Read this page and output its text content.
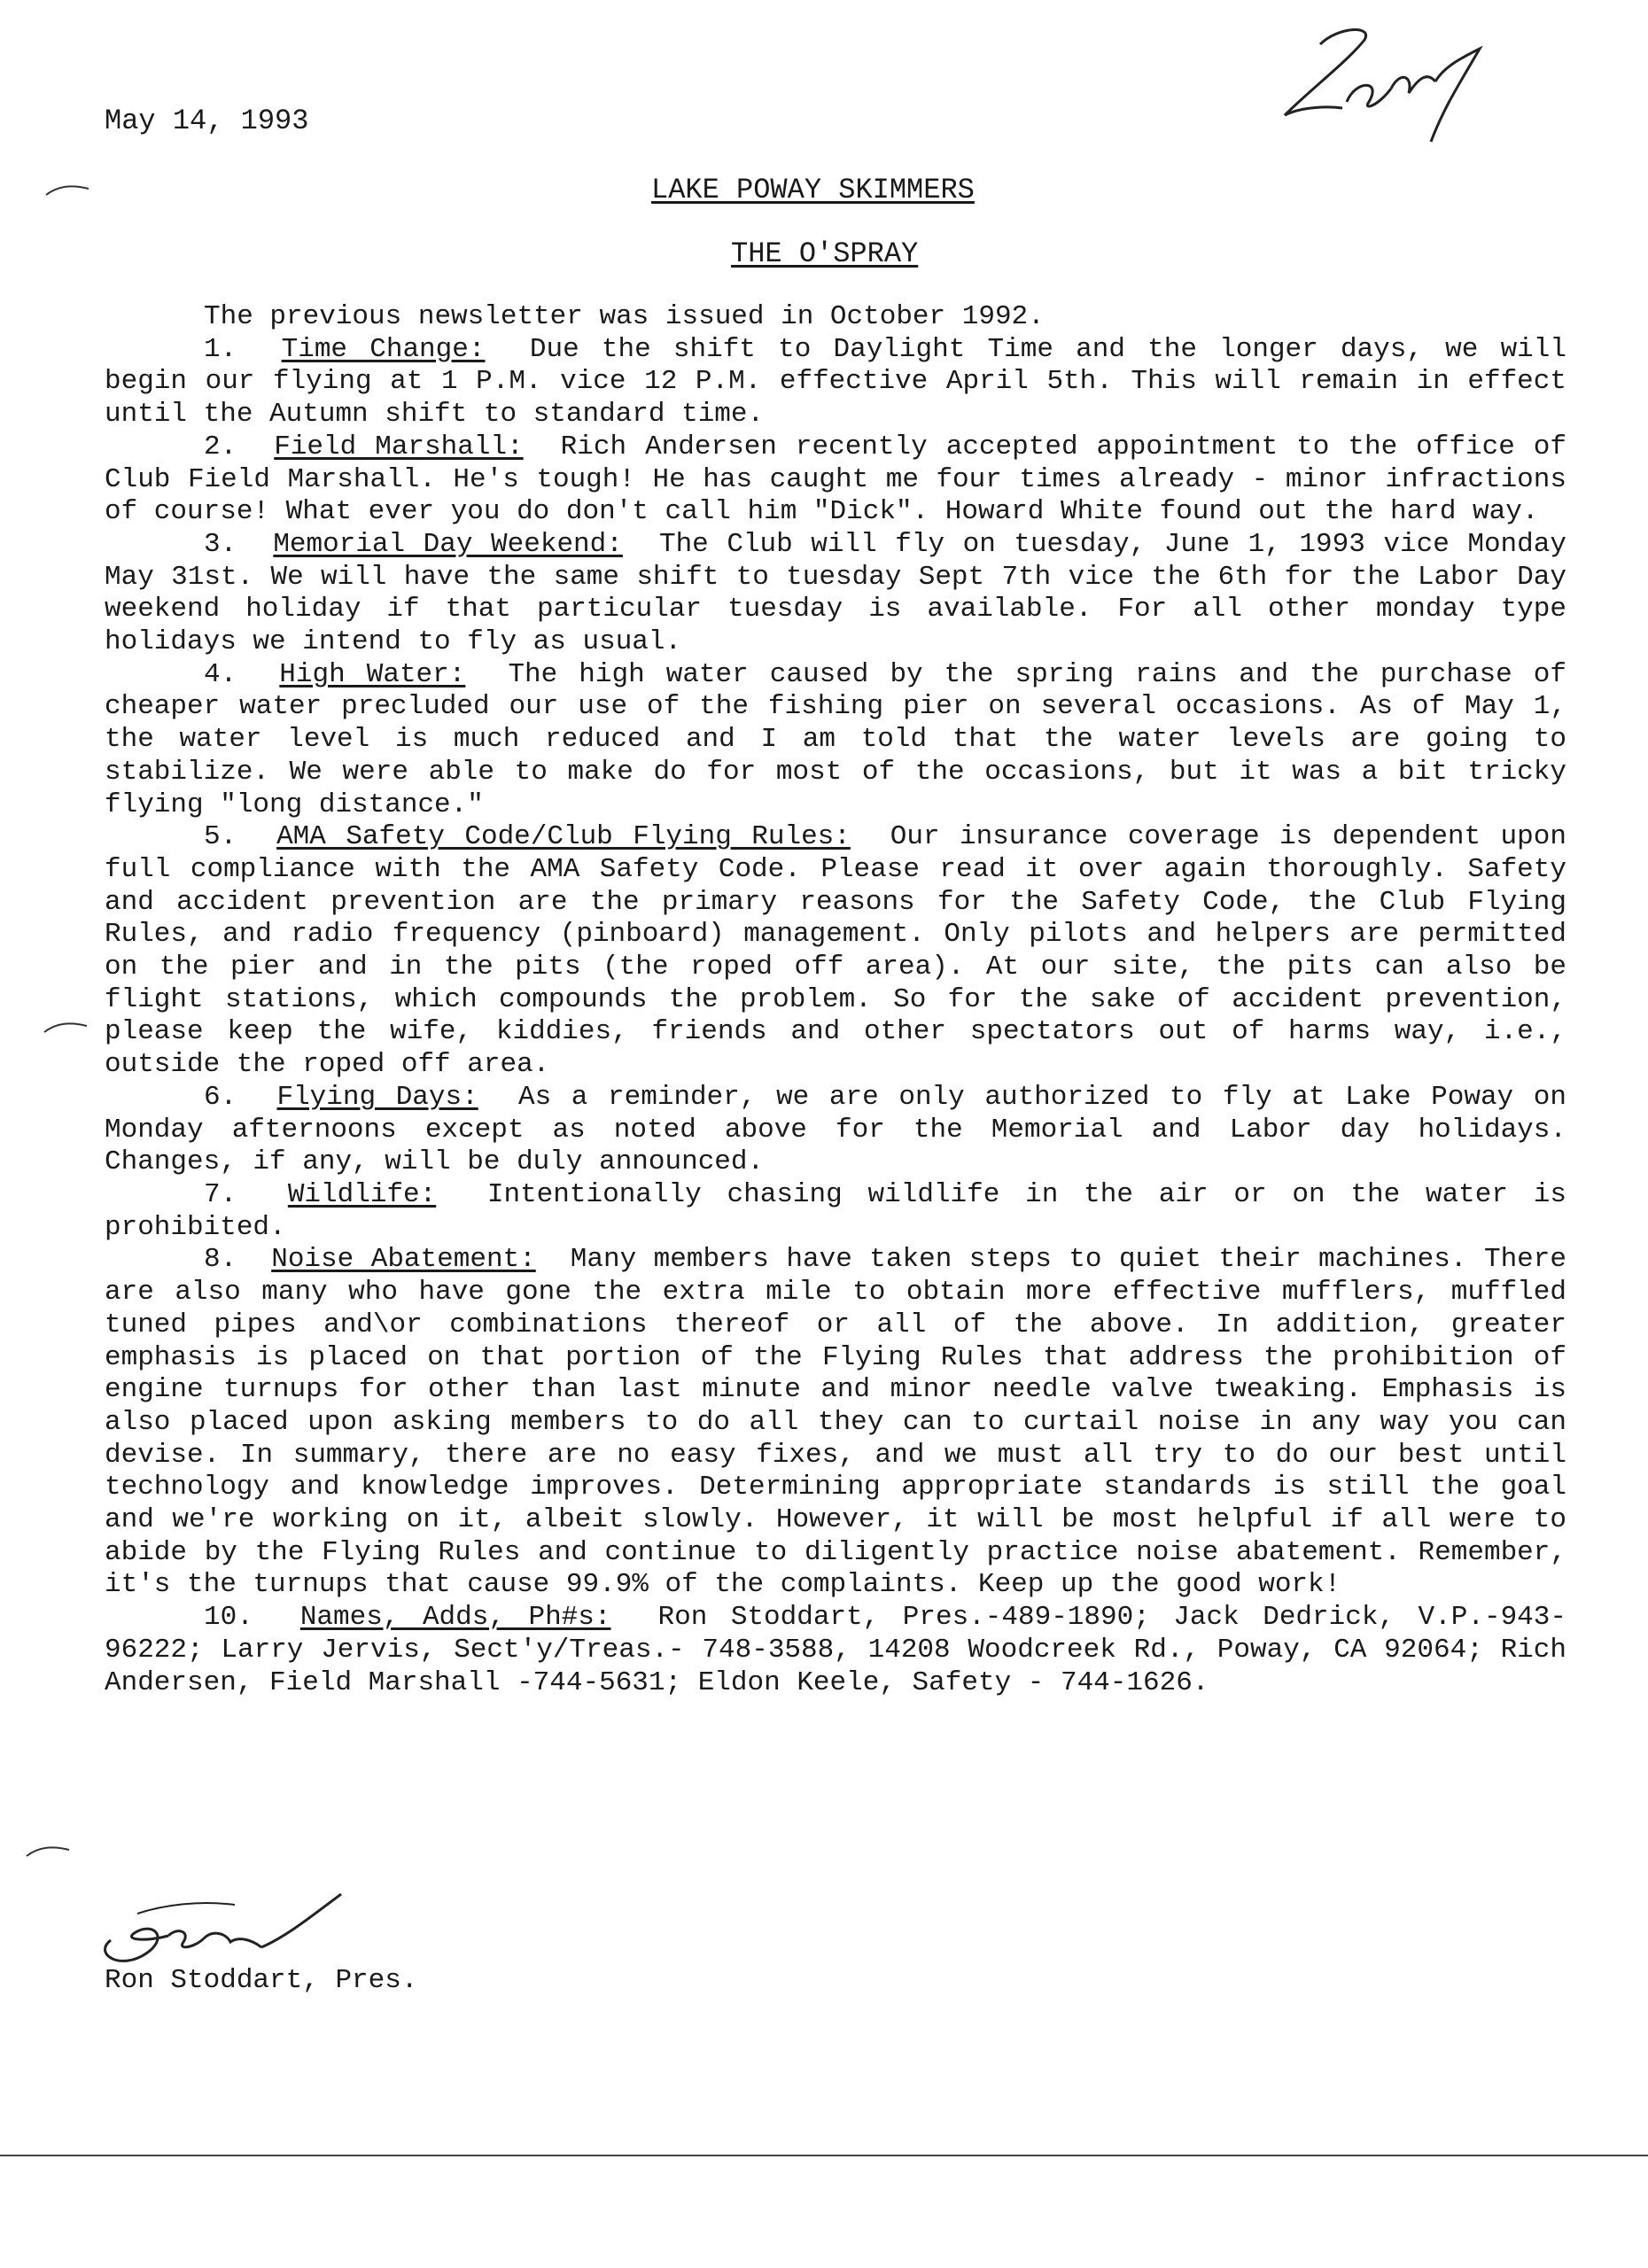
May 14, 1993
LAKE POWAY SKIMMERS
THE O'SPRAY

The previous newsletter was issued in October 1992.

1. Time Change: Due the shift to Daylight Time and the longer days, we will begin our flying at 1 P.M. vice 12 P.M. effective April 5th. This will remain in effect until the Autumn shift to standard time.

2. Field Marshall: Rich Andersen recently accepted appointment to the office of Club Field Marshall. He's tough! He has caught me four times already - minor infractions of course! What ever you do don't call him "Dick". Howard White found out the hard way.

3. Memorial Day Weekend: The Club will fly on tuesday, June 1, 1993 vice Monday May 31st. We will have the same shift to tuesday Sept 7th vice the 6th for the Labor Day weekend holiday if that particular tuesday is available. For all other monday type holidays we intend to fly as usual.

4. High Water: The high water caused by the spring rains and the purchase of cheaper water precluded our use of the fishing pier on several occasions. As of May 1, the water level is much reduced and I am told that the water levels are going to stabilize. We were able to make do for most of the occasions, but it was a bit tricky flying "long distance."

5. AMA Safety Code/Club Flying Rules: Our insurance coverage is dependent upon full compliance with the AMA Safety Code. Please read it over again thoroughly. Safety and accident prevention are the primary reasons for the Safety Code, the Club Flying Rules, and radio frequency (pinboard) management. Only pilots and helpers are permitted on the pier and in the pits (the roped off area). At our site, the pits can also be flight stations, which compounds the problem. So for the sake of accident prevention, please keep the wife, kiddies, friends and other spectators out of harms way, i.e., outside the roped off area.

6. Flying Days: As a reminder, we are only authorized to fly at Lake Poway on Monday afternoons except as noted above for the Memorial and Labor day holidays. Changes, if any, will be duly announced.

7. Wildlife: Intentionally chasing wildlife in the air or on the water is prohibited.

8. Noise Abatement: Many members have taken steps to quiet their machines. There are also many who have gone the extra mile to obtain more effective mufflers, muffled tuned pipes and\or combinations thereof or all of the above. In addition, greater emphasis is placed on that portion of the Flying Rules that address the prohibition of engine turnups for other than last minute and minor needle valve tweaking. Emphasis is also placed upon asking members to do all they can to curtail noise in any way you can devise. In summary, there are no easy fixes, and we must all try to do our best until technology and knowledge improves. Determining appropriate standards is still the goal and we're working on it, albeit slowly. However, it will be most helpful if all were to abide by the Flying Rules and continue to diligently practice noise abatement. Remember, it's the turnups that cause 99.9% of the complaints. Keep up the good work!

10. Names, Adds, Ph#s: Ron Stoddart, Pres.-489-1890; Jack Dedrick, V.P.-943-96222; Larry Jervis, Sect'y/Treas.- 748-3588, 14208 Woodcreek Rd., Poway, CA 92064; Rich Andersen, Field Marshall -744-5631; Eldon Keele, Safety - 744-1626.

Ron Stoddart, Pres.
